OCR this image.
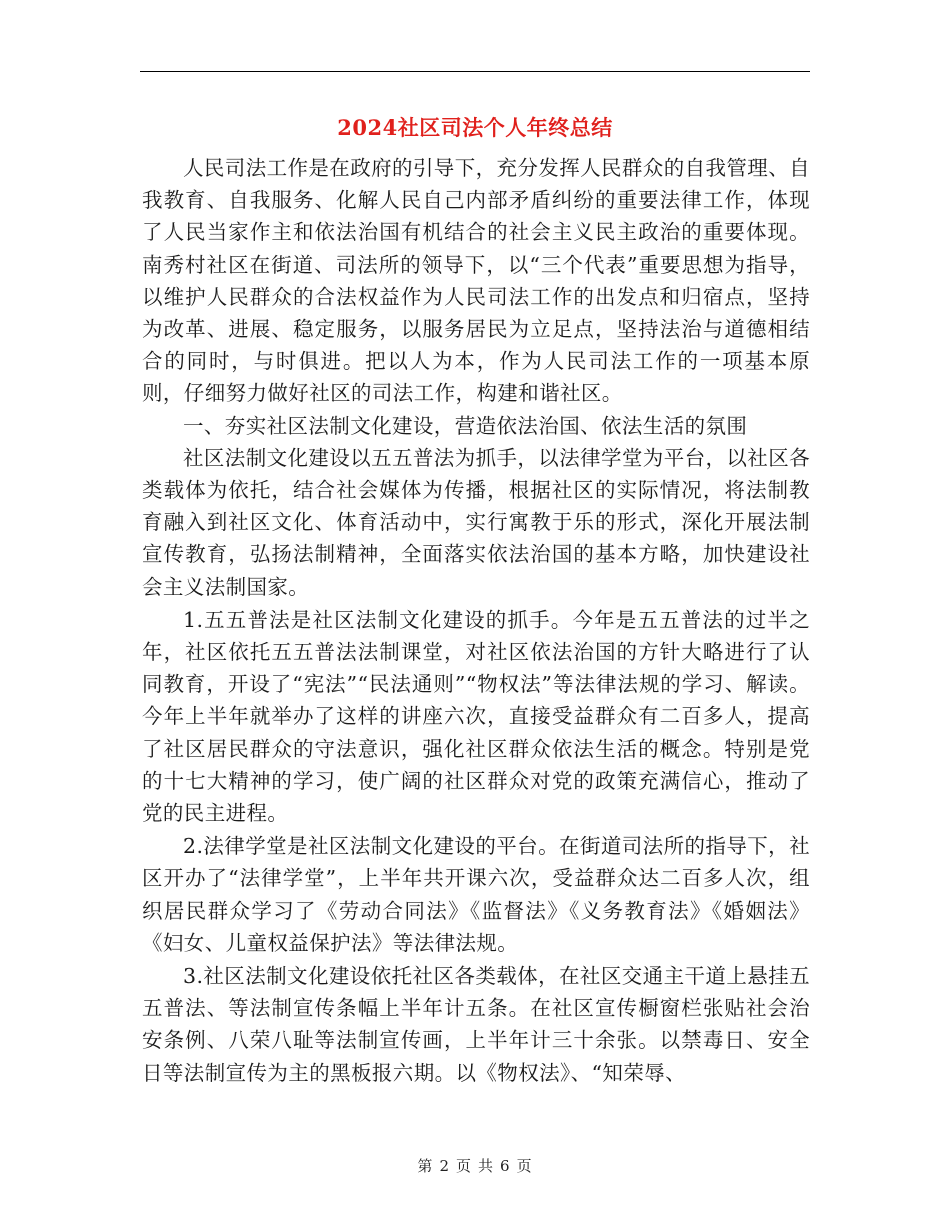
2024社区司法个人年终总结

人民司法工作是在政府的引导下，充分发挥人民群众的自我管理、自我教育、自我服务、化解人民自己内部矛盾纠纷的重要法律工作，体现了人民当家作主和依法治国有机结合的社会主义民主政治的重要体现。南秀村社区在街道、司法所的领导下，以“三个代表”重要思想为指导，以维护人民群众的合法权益作为人民司法工作的出发点和归宿点，坚持为改革、进展、稳定服务，以服务居民为立足点，坚持法治与道德相结合的同时，与时俱进。把以人为本，作为人民司法工作的一项基本原则，仔细努力做好社区的司法工作，构建和谐社区。

一、夯实社区法制文化建设，营造依法治国、依法生活的氛围

社区法制文化建设以五五普法为抓手，以法律学堂为平台，以社区各类载体为依托，结合社会媒体为传播，根据社区的实际情况，将法制教育融入到社区文化、体育活动中，实行寓教于乐的形式，深化开展法制宣传教育，弘扬法制精神，全面落实依法治国的基本方略，加快建设社会主义法制国家。

1.五五普法是社区法制文化建设的抓手。今年是五五普法的过半之年，社区依托五五普法法制课堂，对社区依法治国的方针大略进行了认同教育，开设了“宪法”“民法通则”“物权法”等法律法规的学习、解读。今年上半年就举办了这样的讲座六次，直接受益群众有二百多人，提高了社区居民群众的守法意识，强化社区群众依法生活的概念。特别是党的十七大精神的学习，使广阔的社区群众对党的政策充满信心，推动了党的民主进程。

2.法律学堂是社区法制文化建设的平台。在街道司法所的指导下，社区开办了“法律学堂”，上半年共开课六次，受益群众达二百多人次，组织居民群众学习了《劳动合同法》《监督法》《义务教育法》《婚姻法》《妇女、儿童权益保护法》等法律法规。

3.社区法制文化建设依托社区各类载体，在社区交通主干道上悬挂五五普法、等法制宣传条幅上半年计五条。在社区宣传橱窗栏张贴社会治安条例、八荣八耻等法制宣传画，上半年计三十余张。以禁毒日、安全日等法制宣传为主的黑板报六期。以《物权法》、“知荣辱、

第 2 页 共 6 页
